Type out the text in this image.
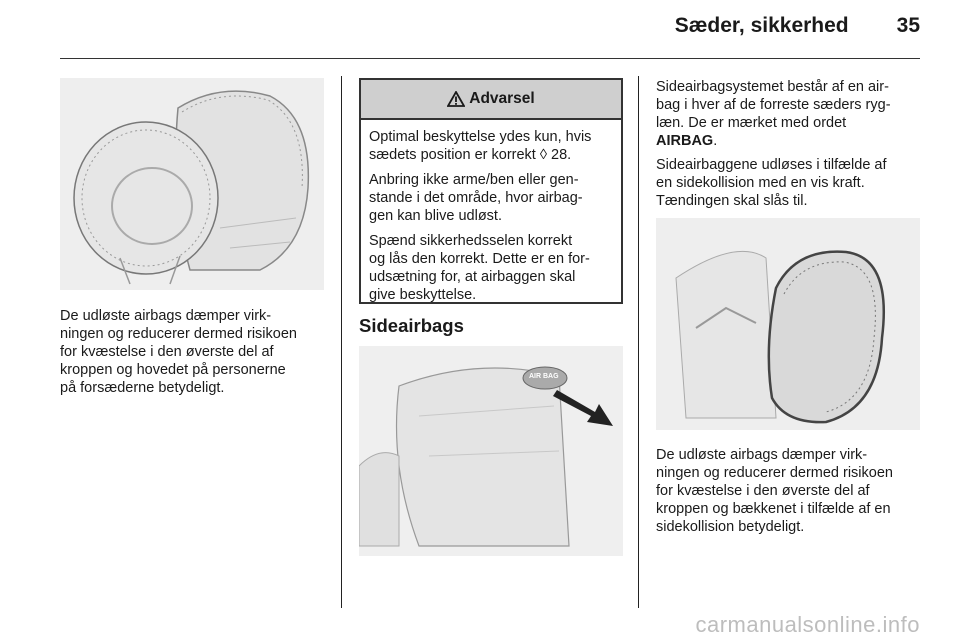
Sæder, sikkerhed 35
De udløste airbags dæmper virk-
ningen og reducerer dermed risikoen
for kvæstelse i den øverste del af
kroppen og hovedet på personerne
på forsæderne betydeligt.
Advarsel

Optimal beskyttelse ydes kun, hvis
sædets position er korrekt ◊ 28.

Anbring ikke arme/ben eller gen-
stande i det område, hvor airbag-
gen kan blive udløst.

Spænd sikkerhedsselen korrekt
og lås den korrekt. Dette er en for-
udsætning for, at airbaggen skal
give beskyttelse.

Sideairbags
AIR BAG

Sideairbagsystemet består af en air-
bag i hver af de forreste sæders ryg-
læn. De er mærket med ordet
AIRBAG.

Sideairbaggene udløses i tilfælde af
en sidekollision med en vis kraft.
Tændingen skal slås til.

De udløste airbags dæmper virk-
ningen og reducerer dermed risikoen
for kvæstelse i den øverste del af
kroppen og bækkenet i tilfælde af en
sidekollision betydeligt.
carmanualsonline.info
